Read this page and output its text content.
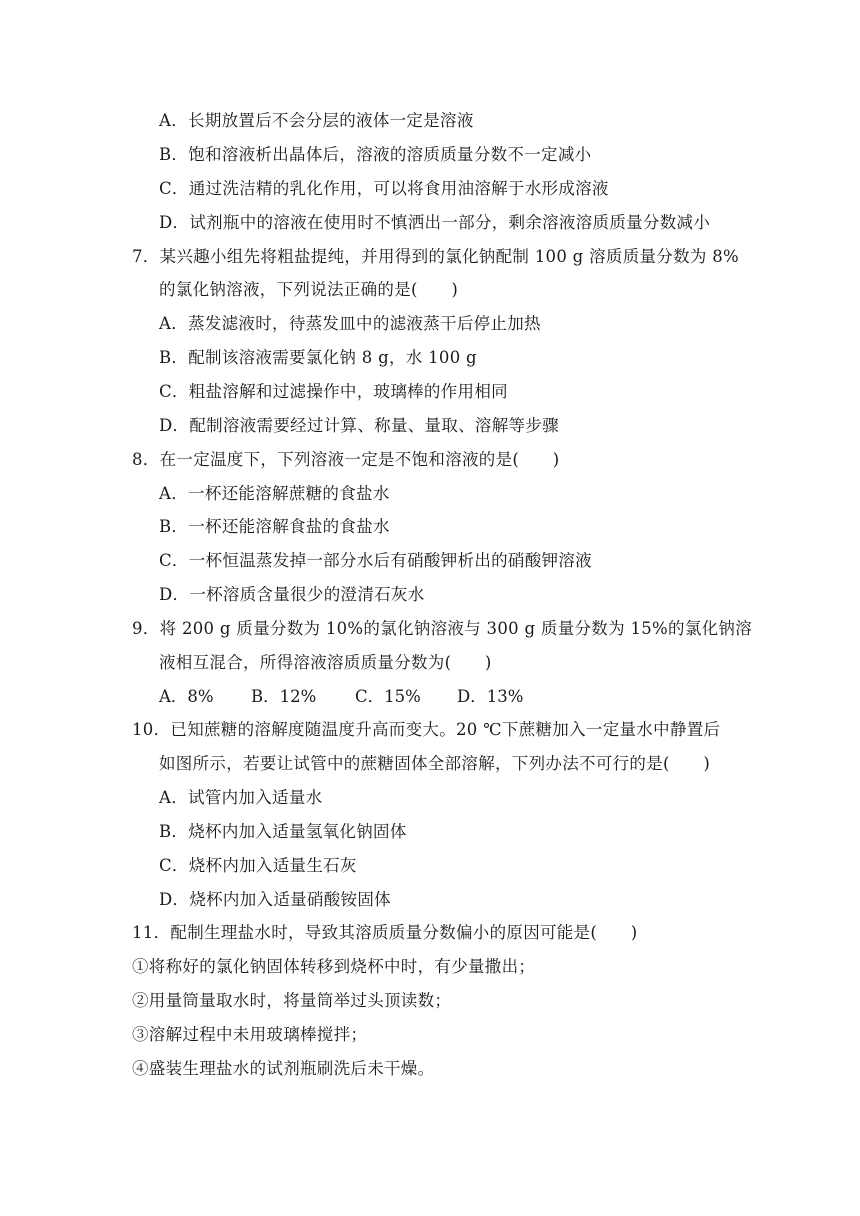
A．长期放置后不会分层的液体一定是溶液
B．饱和溶液析出晶体后，溶液的溶质质量分数不一定减小
C．通过洗洁精的乳化作用，可以将食用油溶解于水形成溶液
D．试剂瓶中的溶液在使用时不慎洒出一部分，剩余溶液溶质质量分数减小
7．某兴趣小组先将粗盐提纯，并用得到的氯化钠配制 100 g 溶质质量分数为 8%
的氯化钠溶液，下列说法正确的是(　　)
A．蒸发滤液时，待蒸发皿中的滤液蒸干后停止加热
B．配制该溶液需要氯化钠 8 g，水 100 g
C．粗盐溶解和过滤操作中，玻璃棒的作用相同
D．配制溶液需要经过计算、称量、量取、溶解等步骤
8．在一定温度下，下列溶液一定是不饱和溶液的是(　　)
A．一杯还能溶解蔗糖的食盐水
B．一杯还能溶解食盐的食盐水
C．一杯恒温蒸发掉一部分水后有硝酸钾析出的硝酸钾溶液
D．一杯溶质含量很少的澄清石灰水
9．将 200 g 质量分数为 10%的氯化钠溶液与 300 g 质量分数为 15%的氯化钠溶
液相互混合，所得溶液溶质质量分数为(　　)
A．8% B．12% C．15% D．13%
10．已知蔗糖的溶解度随温度升高而变大。20 ℃下蔗糖加入一定量水中静置后
如图所示，若要让试管中的蔗糖固体全部溶解，下列办法不可行的是(　　)
A．试管内加入适量水
B．烧杯内加入适量氢氧化钠固体
C．烧杯内加入适量生石灰
D．烧杯内加入适量硝酸铵固体
11．配制生理盐水时，导致其溶质质量分数偏小的原因可能是(　　)
①将称好的氯化钠固体转移到烧杯中时，有少量撒出；
②用量筒量取水时，将量筒举过头顶读数；
③溶解过程中未用玻璃棒搅拌；
④盛装生理盐水的试剂瓶刷洗后未干燥。
